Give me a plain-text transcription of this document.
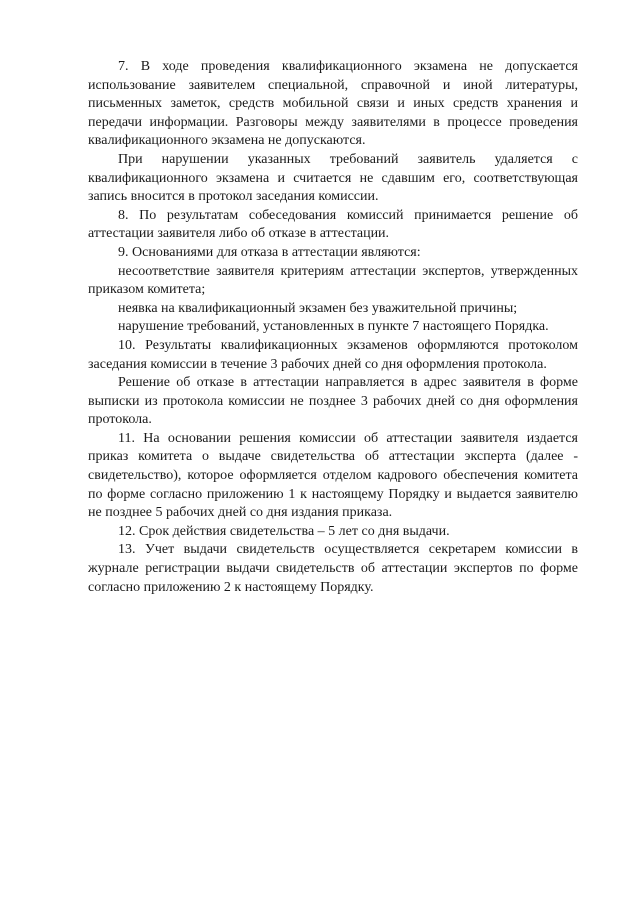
7. В ходе проведения квалификационного экзамена не допускается использование заявителем специальной, справочной и иной литературы, письменных заметок, средств мобильной связи и иных средств хранения и передачи информации. Разговоры между заявителями в процессе проведения квалификационного экзамена не допускаются.

При нарушении указанных требований заявитель удаляется с квалификационного экзамена и считается не сдавшим его, соответствующая запись вносится в протокол заседания комиссии.

8. По результатам собеседования комиссий принимается решение об аттестации заявителя либо об отказе в аттестации.

9. Основаниями для отказа в аттестации являются:

несоответствие заявителя критериям аттестации экспертов, утвержденных приказом комитета;

неявка на квалификационный экзамен без уважительной причины;

нарушение требований, установленных в пункте 7 настоящего Порядка.

10. Результаты квалификационных экзаменов оформляются протоколом заседания комиссии в течение 3 рабочих дней со дня оформления протокола.

Решение об отказе в аттестации направляется в адрес заявителя в форме выписки из протокола комиссии не позднее 3 рабочих дней со дня оформления протокола.

11. На основании решения комиссии об аттестации заявителя издается приказ комитета о выдаче свидетельства об аттестации эксперта (далее - свидетельство), которое оформляется отделом кадрового обеспечения комитета по форме согласно приложению 1 к настоящему Порядку и выдается заявителю не позднее 5 рабочих дней со дня издания приказа.

12. Срок действия свидетельства – 5 лет со дня выдачи.

13. Учет выдачи свидетельств осуществляется секретарем комиссии в журнале регистрации выдачи свидетельств об аттестации экспертов по форме согласно приложению 2 к настоящему Порядку.
